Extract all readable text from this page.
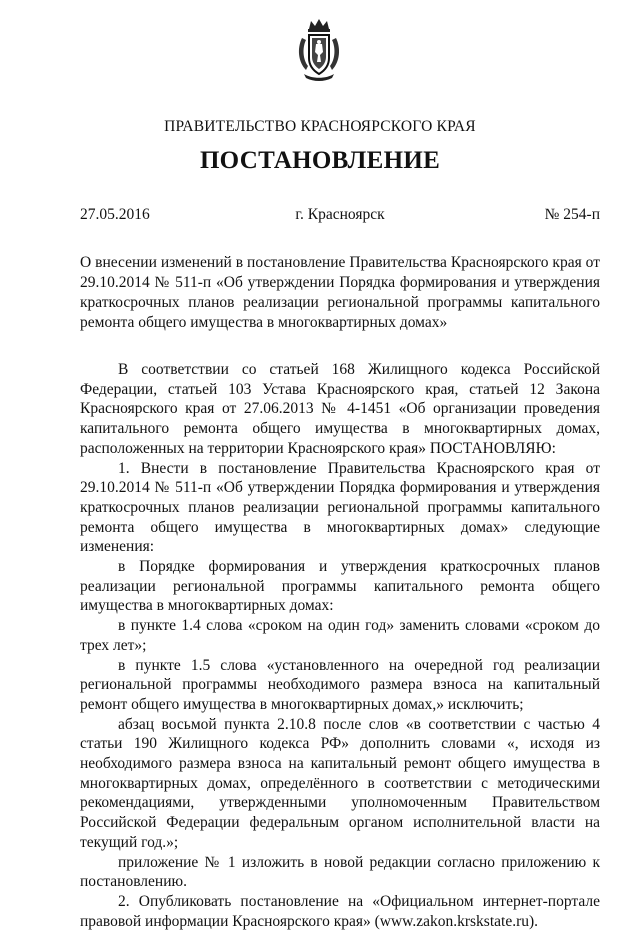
ПРАВИТЕЛЬСТВО КРАСНОЯРСКОГО КРАЯ
ПОСТАНОВЛЕНИЕ
27.05.2016	г. Красноярск	№ 254-п
О внесении изменений в постановление Правительства Красноярского края от 29.10.2014 № 511-п «Об утверждении Порядка формирования и утверждения краткосрочных планов реализации региональной программы капитального ремонта общего имущества в многоквартирных домах»

В соответствии со статьей 168 Жилищного кодекса Российской Федерации, статьей 103 Устава Красноярского края, статьей 12 Закона Красноярского края от 27.06.2013 № 4-1451 «Об организации проведения капитального ремонта общего имущества в многоквартирных домах, расположенных на территории Красноярского края» ПОСТАНОВЛЯЮ:

1. Внести в постановление Правительства Красноярского края от 29.10.2014 № 511-п «Об утверждении Порядка формирования и утверждения краткосрочных планов реализации региональной программы капитального ремонта общего имущества в многоквартирных домах» следующие изменения:

в Порядке формирования и утверждения краткосрочных планов реализации региональной программы капитального ремонта общего имущества в многоквартирных домах:

в пункте 1.4 слова «сроком на один год» заменить словами «сроком до трех лет»;

в пункте 1.5 слова «установленного на очередной год реализации региональной программы необходимого размера взноса на капитальный ремонт общего имущества в многоквартирных домах,» исключить;

абзац восьмой пункта 2.10.8 после слов «в соответствии с частью 4 статьи 190 Жилищного кодекса РФ» дополнить словами «, исходя из необходимого размера взноса на капитальный ремонт общего имущества в многоквартирных домах, определённого в соответствии с методическими рекомендациями, утвержденными уполномоченным Правительством Российской Федерации федеральным органом исполнительной власти на текущий год.»;

приложение № 1 изложить в новой редакции согласно приложению к постановлению.

2. Опубликовать постановление на «Официальном интернет-портале правовой информации Красноярского края» (www.zakon.krskstate.ru).
